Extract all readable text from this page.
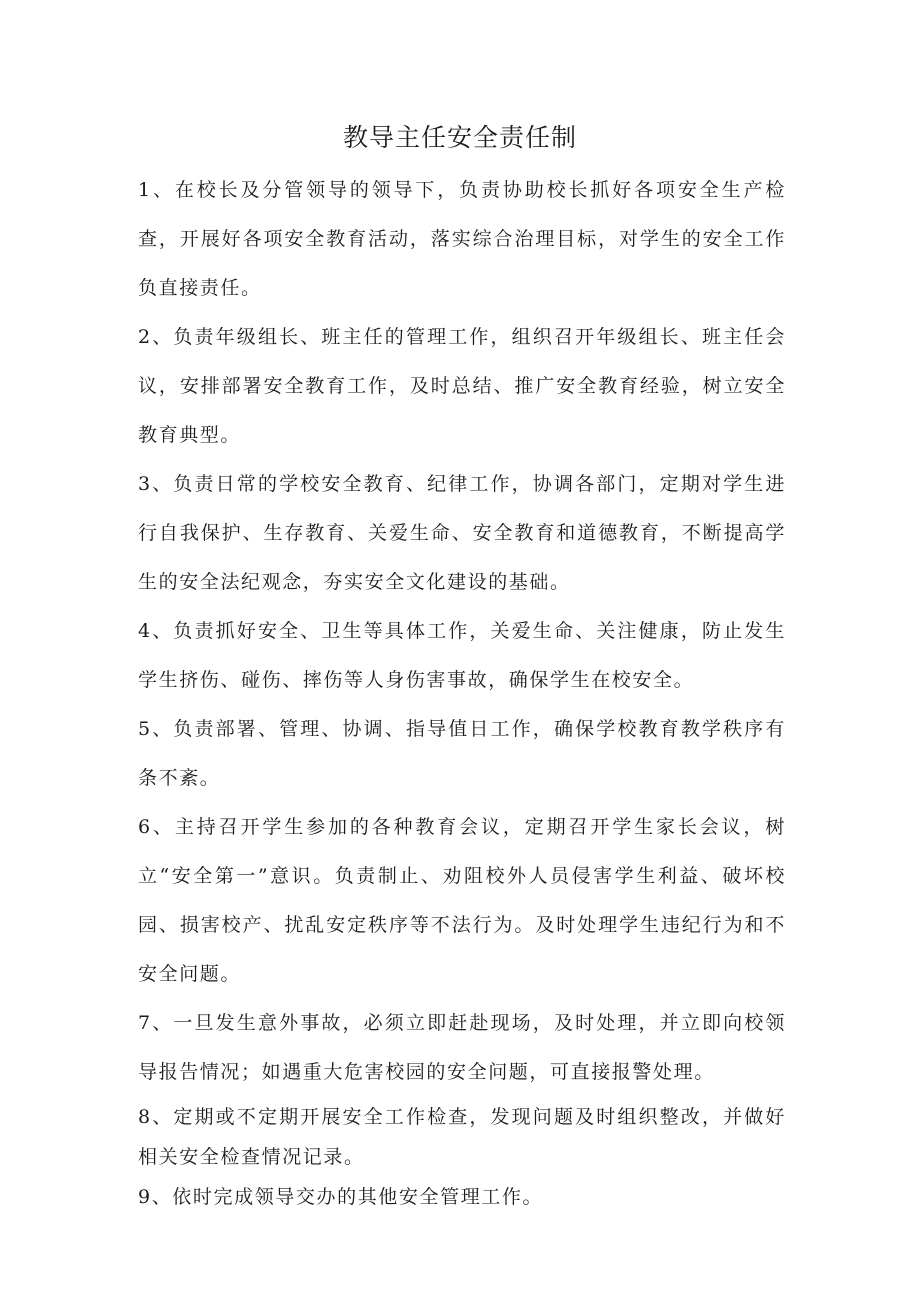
教导主任安全责任制

1、在校长及分管领导的领导下，负责协助校长抓好各项安全生产检查，开展好各项安全教育活动，落实综合治理目标，对学生的安全工作负直接责任。

2、负责年级组长、班主任的管理工作，组织召开年级组长、班主任会议，安排部署安全教育工作，及时总结、推广安全教育经验，树立安全教育典型。

3、负责日常的学校安全教育、纪律工作，协调各部门，定期对学生进行自我保护、生存教育、关爱生命、安全教育和道德教育，不断提高学生的安全法纪观念，夯实安全文化建设的基础。

4、负责抓好安全、卫生等具体工作，关爱生命、关注健康，防止发生学生挤伤、碰伤、摔伤等人身伤害事故，确保学生在校安全。

5、负责部署、管理、协调、指导值日工作，确保学校教育教学秩序有条不紊。

6、主持召开学生参加的各种教育会议，定期召开学生家长会议，树立“安全第一”意识。负责制止、劝阻校外人员侵害学生利益、破坏校园、损害校产、扰乱安定秩序等不法行为。及时处理学生违纪行为和不安全问题。

7、一旦发生意外事故，必须立即赶赴现场，及时处理，并立即向校领导报告情况；如遇重大危害校园的安全问题，可直接报警处理。

8、定期或不定期开展安全工作检查，发现问题及时组织整改，并做好相关安全检查情况记录。

9、依时完成领导交办的其他安全管理工作。
